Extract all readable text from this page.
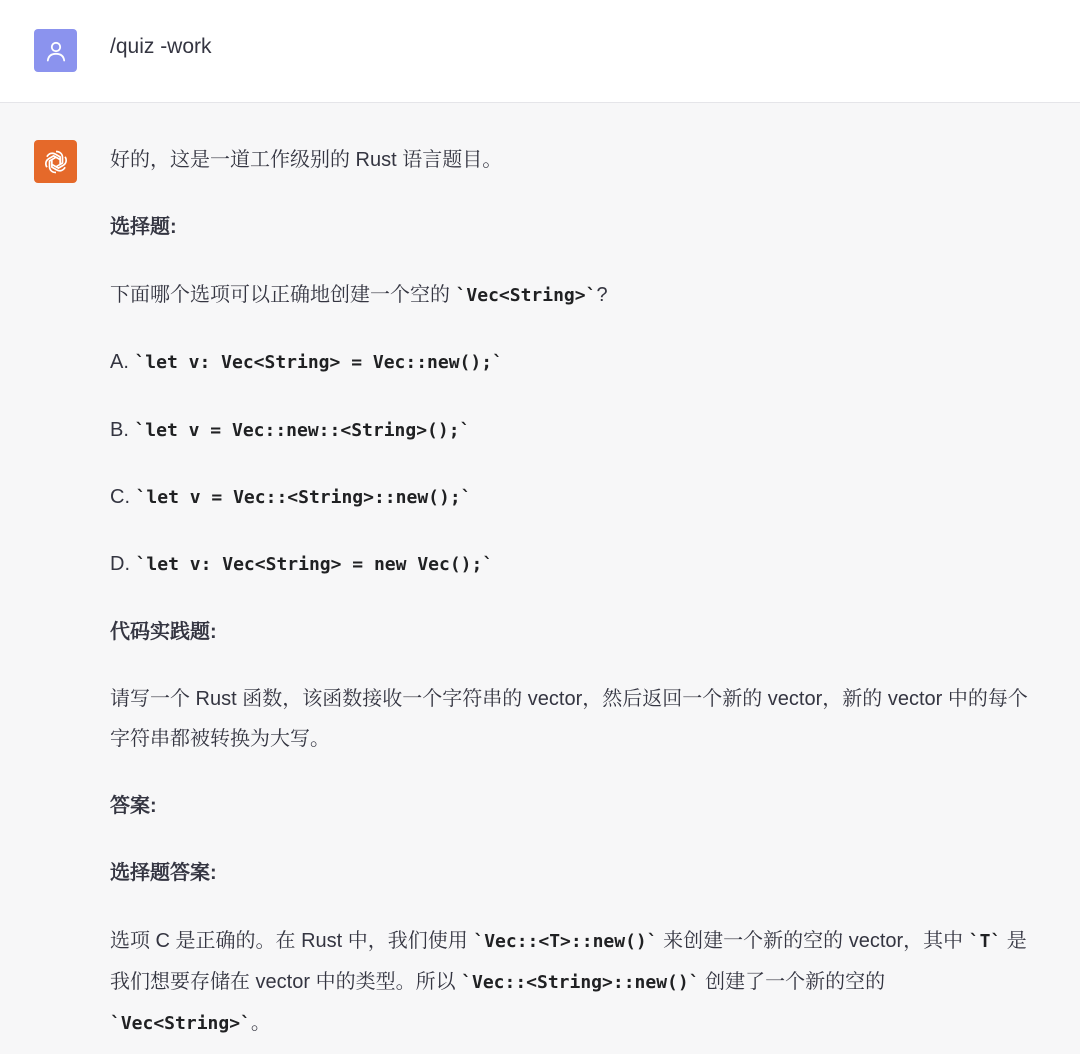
/quiz -work
好的，这是一道工作级别的 Rust 语言题目。
选择题:
下面哪个选项可以正确地创建一个空的 `Vec<String>`?
A. `let v: Vec<String> = Vec::new();`
B. `let v = Vec::new::<String>();`
C. `let v = Vec::<String>::new();`
D. `let v: Vec<String> = new Vec();`
代码实践题:
请写一个 Rust 函数，该函数接收一个字符串的 vector，然后返回一个新的 vector，新的 vector 中的每个字符串都被转换为大写。
答案:
选择题答案:
选项 C 是正确的。在 Rust 中，我们使用 `Vec::<T>::new()` 来创建一个新的空的 vector，其中 `T` 是我们想要存储在 vector 中的类型。所以 `Vec::<String>::new()` 创建了一个新的空的 `Vec<String>`。
